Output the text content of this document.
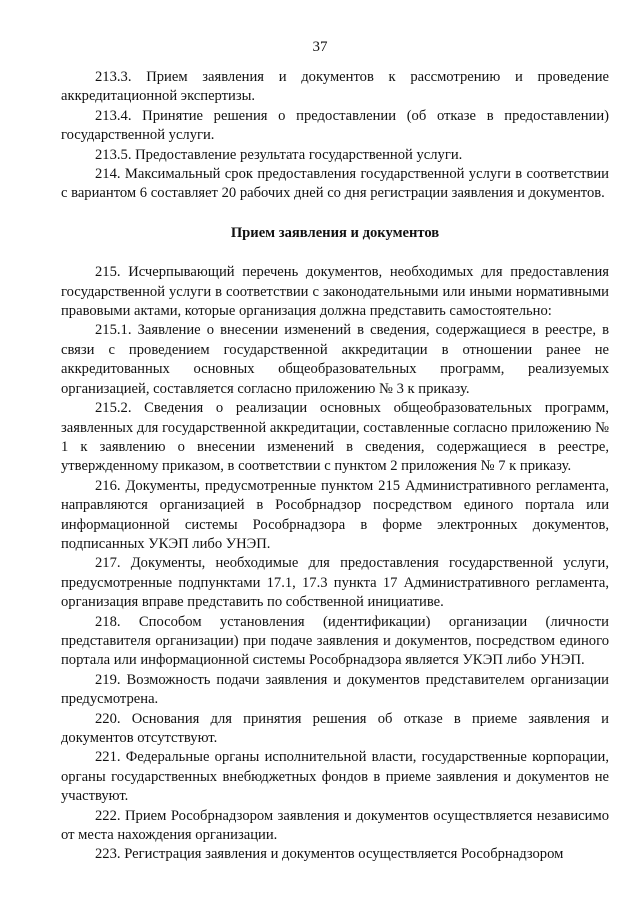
37

213.3. Прием заявления и документов к рассмотрению и проведение аккредитационной экспертизы.

213.4. Принятие решения о предоставлении (об отказе в предоставлении) государственной услуги.

213.5. Предоставление результата государственной услуги.

214. Максимальный срок предоставления государственной услуги в соответствии с вариантом 6 составляет 20 рабочих дней со дня регистрации заявления и документов.

Прием заявления и документов

215. Исчерпывающий перечень документов, необходимых для предоставления государственной услуги в соответствии с законодательными или иными нормативными правовыми актами, которые организация должна представить самостоятельно:

215.1. Заявление о внесении изменений в сведения, содержащиеся в реестре, в связи с проведением государственной аккредитации в отношении ранее не аккредитованных основных общеобразовательных программ, реализуемых организацией, составляется согласно приложению № 3 к приказу.

215.2. Сведения о реализации основных общеобразовательных программ, заявленных для государственной аккредитации, составленные согласно приложению № 1 к заявлению о внесении изменений в сведения, содержащиеся в реестре, утвержденному приказом, в соответствии с пунктом 2 приложения № 7 к приказу.

216. Документы, предусмотренные пунктом 215 Административного регламента, направляются организацией в Рособрнадзор посредством единого портала или информационной системы Рособрнадзора в форме электронных документов, подписанных УКЭП либо УНЭП.

217. Документы, необходимые для предоставления государственной услуги, предусмотренные подпунктами 17.1, 17.3 пункта 17 Административного регламента, организация вправе представить по собственной инициативе.

218. Способом установления (идентификации) организации (личности представителя организации) при подаче заявления и документов, посредством единого портала или информационной системы Рособрнадзора является УКЭП либо УНЭП.

219. Возможность подачи заявления и документов представителем организации предусмотрена.

220. Основания для принятия решения об отказе в приеме заявления и документов отсутствуют.

221. Федеральные органы исполнительной власти, государственные корпорации, органы государственных внебюджетных фондов в приеме заявления и документов не участвуют.

222. Прием Рособрнадзором заявления и документов осуществляется независимо от места нахождения организации.

223. Регистрация заявления и документов осуществляется Рособрнадзором
